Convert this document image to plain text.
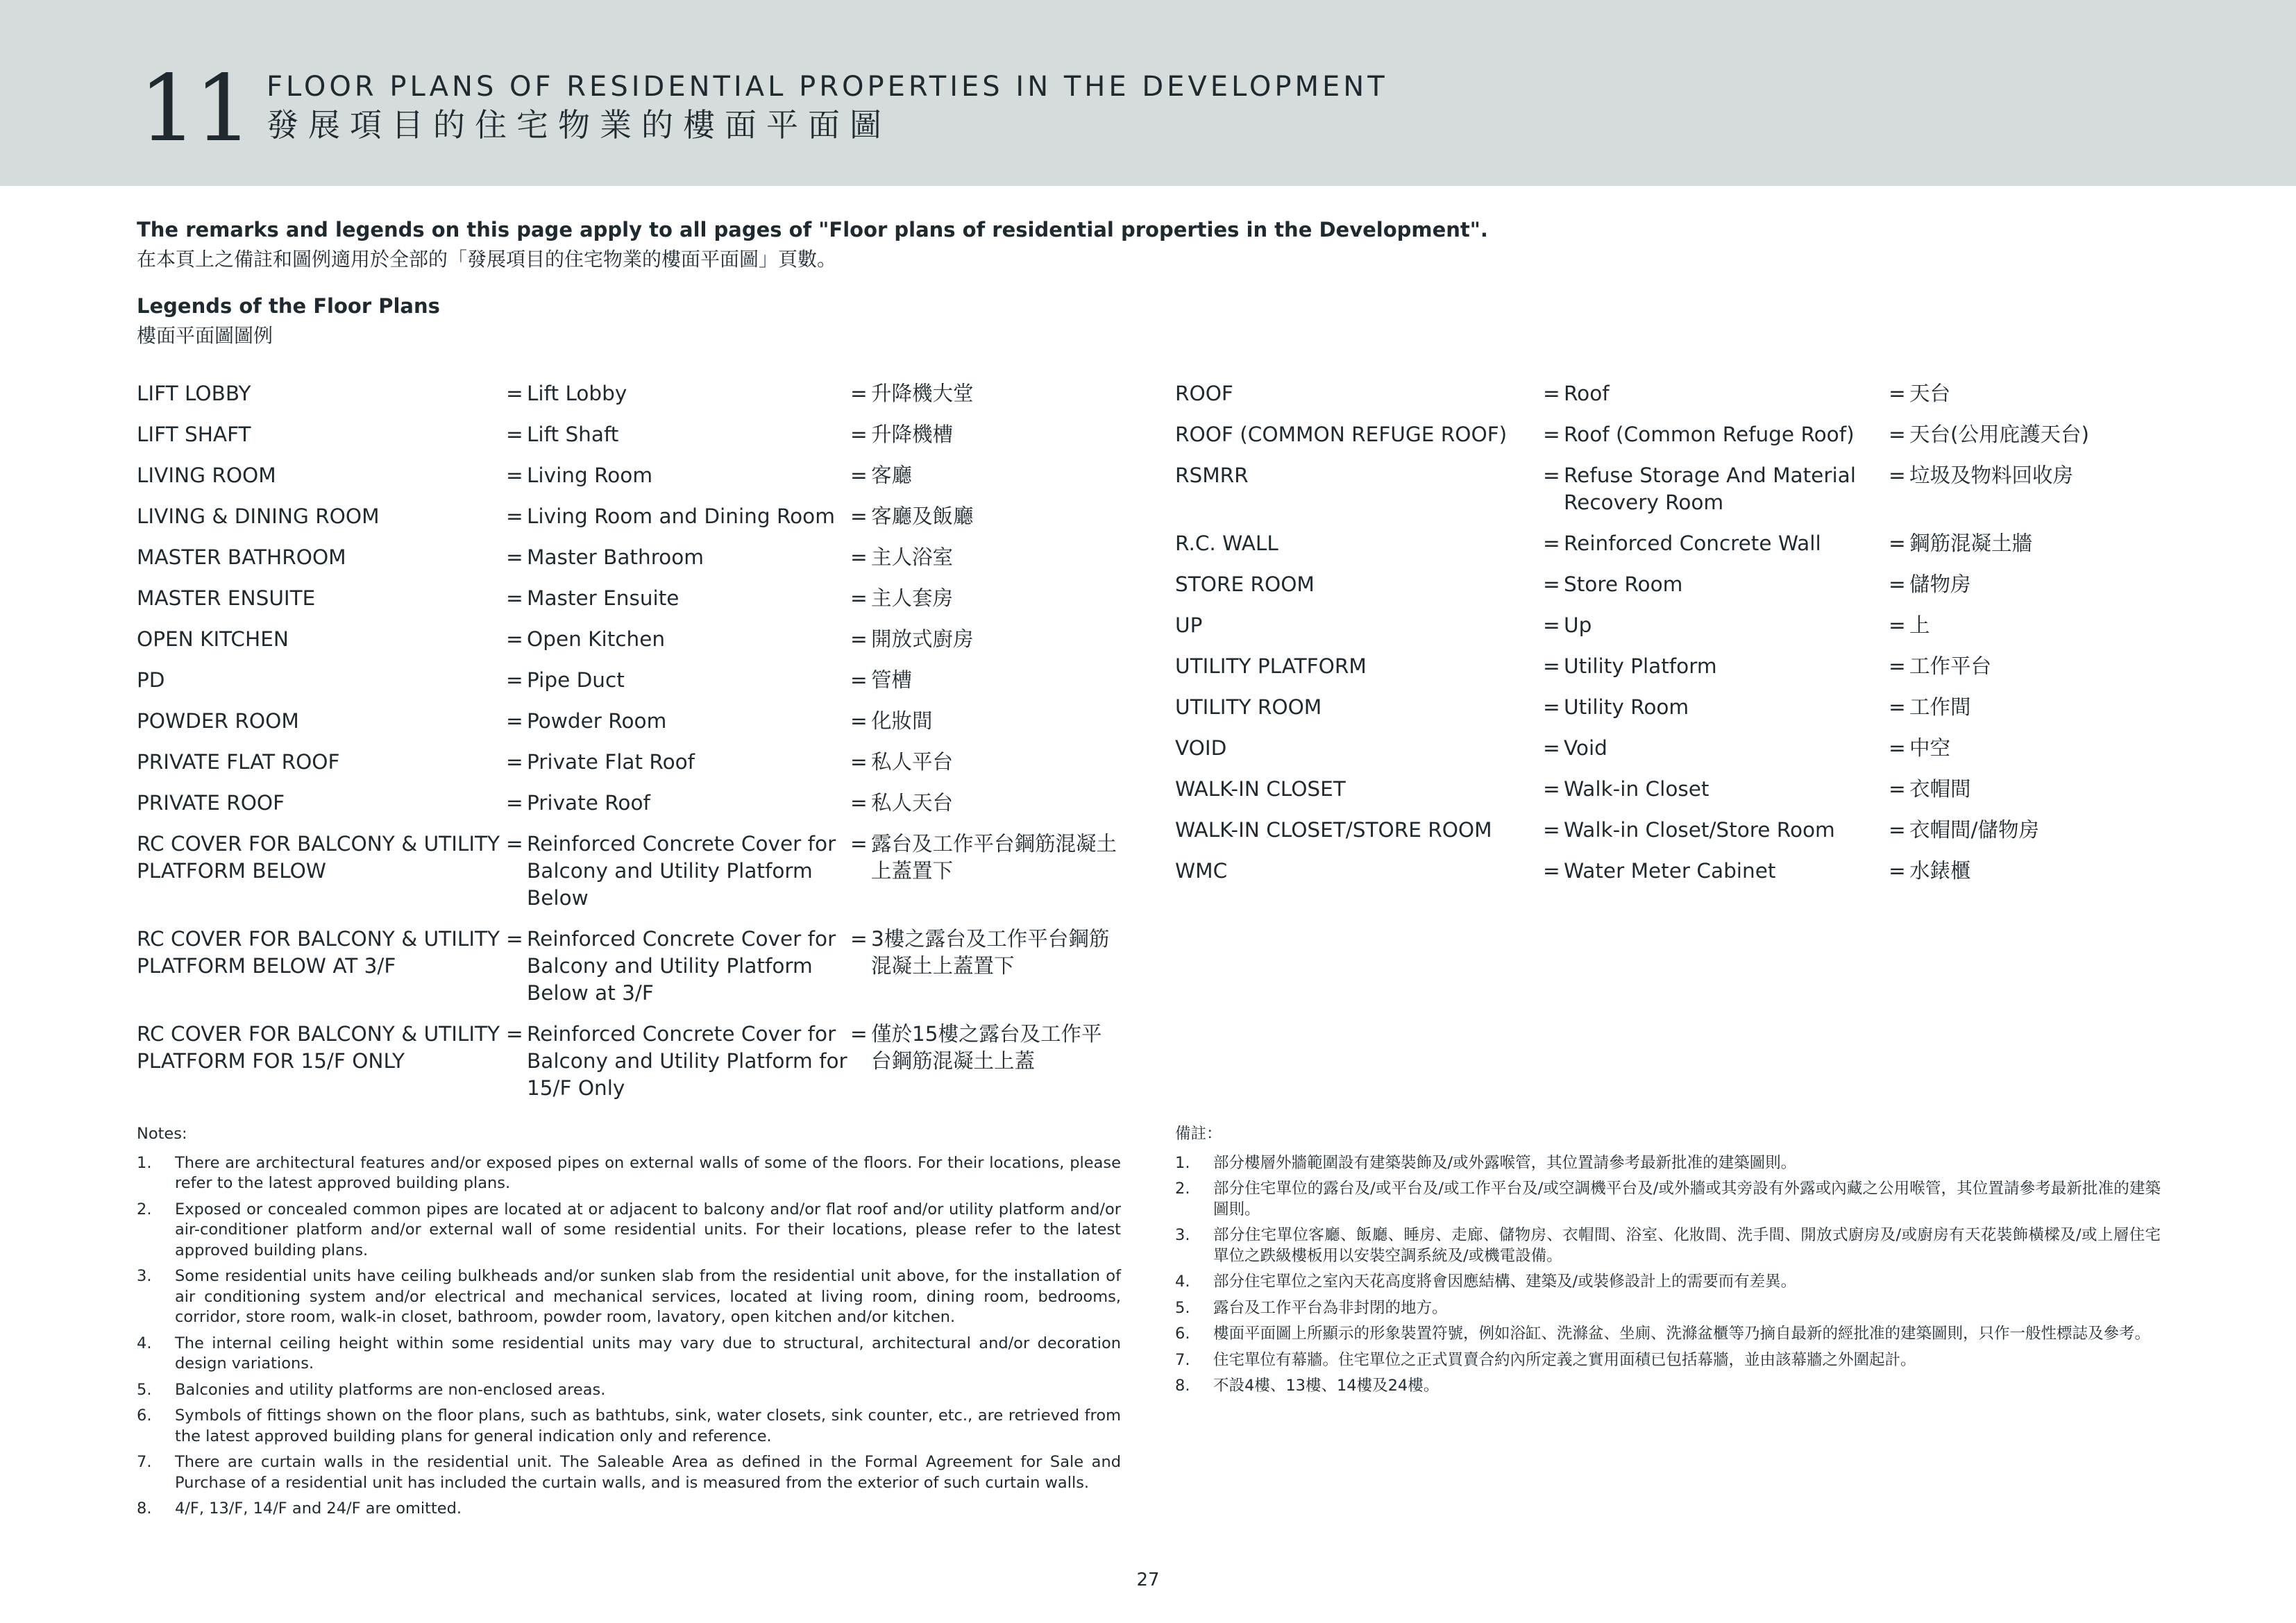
11 FLOOR PLANS OF RESIDENTIAL PROPERTIES IN THE DEVELOPMENT
發展項目的住宅物業的樓面平面圖
The remarks and legends on this page apply to all pages of "Floor plans of residential properties in the Development".
在本頁上之備註和圖例適用於全部的「發展項目的住宅物業的樓面平面圖」頁數。
Legends of the Floor Plans
樓面平面圖圖例
LIFT LOBBY	= Lift Lobby	= 升降機大堂
LIFT SHAFT	= Lift Shaft	= 升降機槽
LIVING ROOM	= Living Room	= 客廳
LIVING & DINING ROOM	= Living Room and Dining Room = 客廳及飯廳
MASTER BATHROOM	= Master Bathroom	= 主人浴室
MASTER ENSUITE	= Master Ensuite	= 主人套房
OPEN KITCHEN	= Open Kitchen	= 開放式廚房
PD	= Pipe Duct	= 管槽
POWDER ROOM	= Powder Room	= 化妝間
PRIVATE FLAT ROOF	= Private Flat Roof	= 私人平台
PRIVATE ROOF	= Private Roof	= 私人天台
RC COVER FOR BALCONY & UTILITY PLATFORM BELOW
= Reinforced Concrete Cover for Balcony and Utility Platform Below
= 露台及工作平台鋼筋混凝土上蓋置下
RC COVER FOR BALCONY & UTILITY PLATFORM BELOW AT 3/F
= Reinforced Concrete Cover for Balcony and Utility Platform Below at 3/F
= 3樓之露台及工作平台鋼筋混凝土上蓋置下
RC COVER FOR BALCONY & UTILITY PLATFORM FOR 15/F ONLY
= Reinforced Concrete Cover for Balcony and Utility Platform for 15/F Only
= 僅於15樓之露台及工作平台鋼筋混凝土上蓋
ROOF	= Roof	= 天台
ROOF (COMMON REFUGE ROOF)	= Roof (Common Refuge Roof) = 天台(公用庇護天台)
RSMRR	= Refuse Storage And Material Recovery Room
= 垃圾及物料回收房
R.C. WALL	= Reinforced Concrete Wall	= 鋼筋混凝土牆
STORE ROOM	= Store Room	= 儲物房
UP	= Up	= 上
UTILITY PLATFORM	= Utility Platform	= 工作平台
UTILITY ROOM	= Utility Room	= 工作間
VOID	= Void	= 中空
WALK-IN CLOSET	= Walk-in Closet	= 衣帽間
WALK-IN CLOSET/STORE ROOM	= Walk-in Closet/Store Room	= 衣帽間/儲物房
WMC	= Water Meter Cabinet	= 水錶櫃
Notes:
1.	There are architectural features and/or exposed pipes on external walls of some of the floors. For their locations, please refer to the latest approved building plans.
2.	Exposed or concealed common pipes are located at or adjacent to balcony and/or flat roof and/or utility platform and/or air-conditioner platform and/or external wall of some residential units. For their locations, please refer to the latest approved building plans.
3.	Some residential units have ceiling bulkheads and/or sunken slab from the residential unit above, for the installation of air conditioning system and/or electrical and mechanical services, located at living room, dining room, bedrooms, corridor, store room, walk-in closet, bathroom, powder room, lavatory, open kitchen and/or kitchen.
4.	The internal ceiling height within some residential units may vary due to structural, architectural and/or decoration design variations.
5.	Balconies and utility platforms are non-enclosed areas.
6.	Symbols of fittings shown on the floor plans, such as bathtubs, sink, water closets, sink counter, etc., are retrieved from the latest approved building plans for general indication only and reference.
7.	There are curtain walls in the residential unit. The Saleable Area as defined in the Formal Agreement for Sale and Purchase of a residential unit has included the curtain walls, and is measured from the exterior of such curtain walls.
8.	4/F, 13/F, 14/F and 24/F are omitted.
備註：
1.	部分樓層外牆範圍設有建築裝飾及/或外露喉管，其位置請參考最新批准的建築圖則。
2.	部分住宅單位的露台及/或平台及/或工作平台及/或空調機平台及/或外牆或其旁設有外露或內藏之公用喉管，其位置請參考最新批准的建築圖則。
3.	部分住宅單位客廳、飯廳、睡房、走廊、儲物房、衣帽間、浴室、化妝間、洗手間、開放式廚房及/或廚房有天花裝飾橫樑及/或上層住宅單位之跌級樓板用以安裝空調系統及/或機電設備。
4.	部分住宅單位之室內天花高度將會因應結構、建築及/或裝修設計上的需要而有差異。
5.	露台及工作平台為非封閉的地方。
6.	樓面平面圖上所顯示的形象裝置符號，例如浴缸、洗滌盆、坐廁、洗滌盆櫃等乃摘自最新的經批准的建築圖則，只作一般性標誌及參考。
7.	住宅單位有幕牆。住宅單位之正式買賣合約內所定義之實用面積已包括幕牆，並由該幕牆之外圍起計。
8.	不設4樓、13樓、14樓及24樓。
27
